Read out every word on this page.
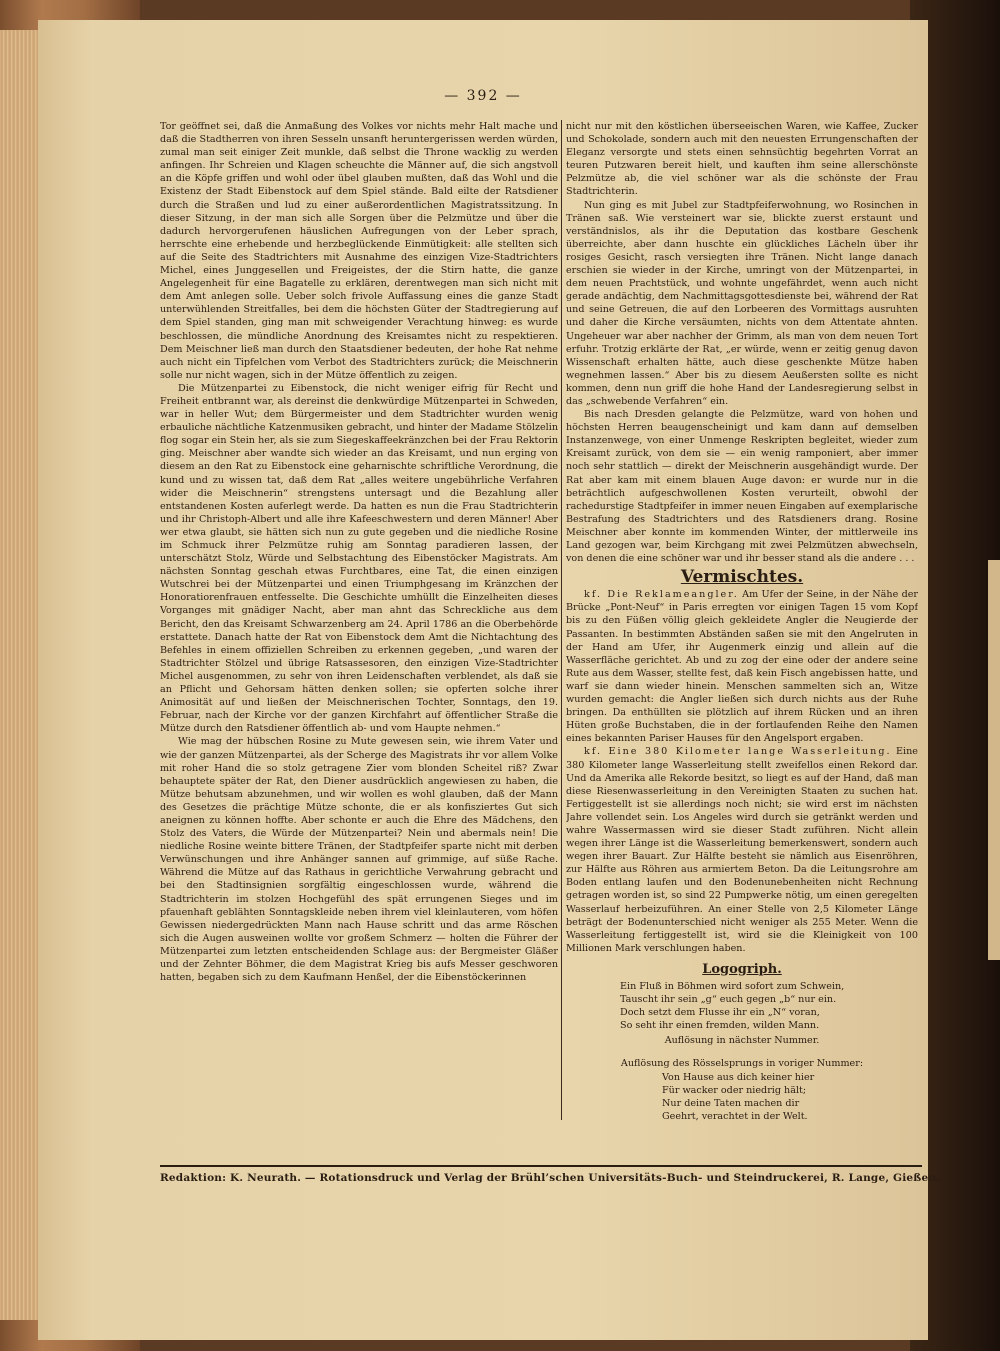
— 392 —

Tor geöffnet sei, daß die Anmaßung des Volkes vor nichts mehr Halt mache und daß die Stadtherren von ihren Sesseln unsanft heruntergerissen werden würden, zumal man seit einiger Zeit munkle, daß selbst die Throne wacklig zu werden anfingen. Ihr Schreien und Klagen scheuchte die Männer auf, die sich angstvoll an die Köpfe griffen und wohl oder übel glauben mußten, daß das Wohl und die Existenz der Stadt Eibenstock auf dem Spiel stände. Bald eilte der Ratsdiener durch die Straßen und lud zu einer außerordentlichen Magistratssitzung. In dieser Sitzung, in der man sich alle Sorgen über die Pelzmütze und über die dadurch hervorgerufenen häuslichen Aufregungen von der Leber sprach, herrschte eine erhebende und herzbeglückende Einmütigkeit: alle stellten sich auf die Seite des Stadtrichters mit Ausnahme des einzigen Vize-Stadtrichters Michel, eines Junggesellen und Freigeistes, der die Stirn hatte, die ganze Angelegenheit für eine Bagatelle zu erklären, derentwegen man sich nicht mit dem Amt anlegen solle. Ueber solch frivole Auffassung eines die ganze Stadt unterwühlenden Streitfalles, bei dem die höchsten Güter der Stadtregierung auf dem Spiel standen, ging man mit schweigender Verachtung hinweg: es wurde beschlossen, die mündliche Anordnung des Kreisamtes nicht zu respektieren. Dem Meischner ließ man durch den Staatsdiener bedeuten, der hohe Rat nehme auch nicht ein Tipfelchen vom Verbot des Stadtrichters zurück; die Meischnerin solle nur nicht wagen, sich in der Mütze öffentlich zu zeigen.

Die Mützenpartei zu Eibenstock, die nicht weniger eifrig für Recht und Freiheit entbrannt war, als dereinst die denkwürdige Mützenpartei in Schweden, war in heller Wut; dem Bürgermeister und dem Stadtrichter wurden wenig erbauliche nächtliche Katzenmusiken gebracht, und hinter der Madame Stölzelin flog sogar ein Stein her, als sie zum Siegeskaffeekränzchen bei der Frau Rektorin ging. Meischner aber wandte sich wieder an das Kreisamt, und nun erging von diesem an den Rat zu Eibenstock eine geharnischte schriftliche Verordnung, die kund und zu wissen tat, daß dem Rat „alles weitere ungebührliche Verfahren wider die Meischnerin“ strengstens untersagt und die Bezahlung aller entstandenen Kosten auferlegt werde. Da hatten es nun die Frau Stadtrichterin und ihr Christoph-Albert und alle ihre Kafeeschwestern und deren Männer! Aber wer etwa glaubt, sie hätten sich nun zu gute gegeben und die niedliche Rosine im Schmuck ihrer Pelzmütze ruhig am Sonntag paradieren lassen, der unterschätzt Stolz, Würde und Selbstachtung des Eibenstöcker Magistrats. Am nächsten Sonntag geschah etwas Furchtbares, eine Tat, die einen einzigen Wutschrei bei der Mützenpartei und einen Triumphgesang im Kränzchen der Honoratiorenfrauen entfesselte. Die Geschichte umhüllt die Einzelheiten dieses Vorganges mit gnädiger Nacht, aber man ahnt das Schreckliche aus dem Bericht, den das Kreisamt Schwarzenberg am 24. April 1786 an die Oberbehörde erstattete. Danach hatte der Rat von Eibenstock dem Amt die Nichtachtung des Befehles in einem offiziellen Schreiben zu erkennen gegeben, „und waren der Stadtrichter Stölzel und übrige Ratsassesoren, den einzigen Vize-Stadtrichter Michel ausgenommen, zu sehr von ihren Leidenschaften verblendet, als daß sie an Pflicht und Gehorsam hätten denken sollen; sie opferten solche ihrer Animosität auf und ließen der Meischnerischen Tochter, Sonntags, den 19. Februar, nach der Kirche vor der ganzen Kirchfahrt auf öffentlicher Straße die Mütze durch den Ratsdiener öffentlich ab- und vom Haupte nehmen.“

Wie mag der hübschen Rosine zu Mute gewesen sein, wie ihrem Vater und wie der ganzen Mützenpartei, als der Scherge des Magistrats ihr vor allem Volke mit roher Hand die so stolz getragene Zier vom blonden Scheitel riß? Zwar behauptete später der Rat, den Diener ausdrücklich angewiesen zu haben, die Mütze behutsam abzunehmen, und wir wollen es wohl glauben, daß der Mann des Gesetzes die prächtige Mütze schonte, die er als konfisziertes Gut sich aneignen zu können hoffte. Aber schonte er auch die Ehre des Mädchens, den Stolz des Vaters, die Würde der Mützenpartei? Nein und abermals nein! Die niedliche Rosine weinte bittere Tränen, der Stadtpfeifer sparte nicht mit derben Verwünschungen und ihre Anhänger sannen auf grimmige, auf süße Rache. Während die Mütze auf das Rathaus in gerichtliche Verwahrung gebracht und bei den Stadtinsignien sorgfältig eingeschlossen wurde, während die Stadtrichterin im stolzen Hochgefühl des spät errungenen Sieges und im pfauenhaft geblähten Sonntagskleide neben ihrem viel kleinlauteren, vom höfen Gewissen niedergedrückten Mann nach Hause schritt und das arme Röschen sich die Augen ausweinen wollte vor großem Schmerz — holten die Führer der Mützenpartei zum letzten entscheidenden Schlage aus: der Bergmeister Gläßer und der Zehnter Böhmer, die dem Magistrat Krieg bis aufs Messer geschworen hatten, begaben sich zu dem Kaufmann Henßel, der die Eibenstöckerinnen

nicht nur mit den köstlichen überseeischen Waren, wie Kaffee, Zucker und Schokolade, sondern auch mit den neuesten Errungenschaften der Eleganz versorgte und stets einen sehnsüchtig begehrten Vorrat an teuren Putzwaren bereit hielt, und kauften ihm seine allerschönste Pelzmütze ab, die viel schöner war als die schönste der Frau Stadtrichterin.

Nun ging es mit Jubel zur Stadtpfeiferwohnung, wo Rosinchen in Tränen saß. Wie versteinert war sie, blickte zuerst erstaunt und verständnislos, als ihr die Deputation das kostbare Geschenk überreichte, aber dann huschte ein glückliches Lächeln über ihr rosiges Gesicht, rasch versiegten ihre Tränen. Nicht lange danach erschien sie wieder in der Kirche, umringt von der Mützenpartei, in dem neuen Prachtstück, und wohnte ungefährdet, wenn auch nicht gerade andächtig, dem Nachmittagsgottesdienste bei, während der Rat und seine Getreuen, die auf den Lorbeeren des Vormittags ausruhten und daher die Kirche versäumten, nichts von dem Attentate ahnten. Ungeheuer war aber nachher der Grimm, als man von dem neuen Tort erfuhr. Trotzig erklärte der Rat, „er würde, wenn er zeitig genug davon Wissenschaft erhalten hätte, auch diese geschenkte Mütze haben wegnehmen lassen.“ Aber bis zu diesem Aeußersten sollte es nicht kommen, denn nun griff die hohe Hand der Landesregierung selbst in das „schwebende Verfahren“ ein.

Bis nach Dresden gelangte die Pelzmütze, ward von hohen und höchsten Herren beaugenscheinigt und kam dann auf demselben Instanzenwege, von einer Unmenge Reskripten begleitet, wieder zum Kreisamt zurück, von dem sie — ein wenig ramponiert, aber immer noch sehr stattlich — direkt der Meischnerin ausgehändigt wurde. Der Rat aber kam mit einem blauen Auge davon: er wurde nur in die beträchtlich aufgeschwollenen Kosten verurteilt, obwohl der rachedurstige Stadtpfeifer in immer neuen Eingaben auf exemplarische Bestrafung des Stadtrichters und des Ratsdieners drang. Rosine Meischner aber konnte im kommenden Winter, der mittlerweile ins Land gezogen war, beim Kirchgang mit zwei Pelzmützen abwechseln, von denen die eine schöner war und ihr besser stand als die andere . . .

Vermischtes.

kf. Die Reklameangler. Am Ufer der Seine, in der Nähe der Brücke „Pont-Neuf“ in Paris erregten vor einigen Tagen 15 vom Kopf bis zu den Füßen völlig gleich gekleidete Angler die Neugierde der Passanten. In bestimmten Abständen saßen sie mit den Angelruten in der Hand am Ufer, ihr Augenmerk einzig und allein auf die Wasserfläche gerichtet. Ab und zu zog der eine oder der andere seine Rute aus dem Wasser, stellte fest, daß kein Fisch angebissen hatte, und warf sie dann wieder hinein. Menschen sammelten sich an, Witze wurden gemacht: die Angler ließen sich durch nichts aus der Ruhe bringen. Da enthüllten sie plötzlich auf ihrem Rücken und an ihren Hüten große Buchstaben, die in der fortlaufenden Reihe den Namen eines bekannten Pariser Hauses für den Angelsport ergaben.

kf. Eine 380 Kilometer lange Wasserleitung. Eine 380 Kilometer lange Wasserleitung stellt zweifellos einen Rekord dar. Und da Amerika alle Rekorde besitzt, so liegt es auf der Hand, daß man diese Riesenwasserleitung in den Vereinigten Staaten zu suchen hat. Fertiggestellt ist sie allerdings noch nicht; sie wird erst im nächsten Jahre vollendet sein. Los Angeles wird durch sie getränkt werden und wahre Wassermassen wird sie dieser Stadt zuführen. Nicht allein wegen ihrer Länge ist die Wasserleitung bemerkenswert, sondern auch wegen ihrer Bauart. Zur Hälfte besteht sie nämlich aus Eisenröhren, zur Hälfte aus Röhren aus armiertem Beton. Da die Leitungsrohre am Boden entlang laufen und den Bodenunebenheiten nicht Rechnung getragen worden ist, so sind 22 Pumpwerke nötig, um einen geregelten Wasserlauf herbeizuführen. An einer Stelle von 2,5 Kilometer Länge beträgt der Bodenunterschied nicht weniger als 255 Meter. Wenn die Wasserleitung fertiggestellt ist, wird sie die Kleinigkeit von 100 Millionen Mark verschlungen haben.

Logogriph.
Ein Fluß in Böhmen wird sofort zum Schwein,
Tauscht ihr sein „g“ euch gegen „b“ nur ein.
Doch setzt dem Flusse ihr ein „N“ voran,
So seht ihr einen fremden, wilden Mann.
Auflösung in nächster Nummer.
Auflösung des Rösselsprungs in voriger Nummer:
Von Hause aus dich keiner hier
Für wacker oder niedrig hält;
Nur deine Taten machen dir
Geehrt, verachtet in der Welt.
Redaktion: K. Neurath. — Rotationsdruck und Verlag der Brühl’schen Universitäts-Buch- und Steindruckerei, R. Lange, Gießen.
